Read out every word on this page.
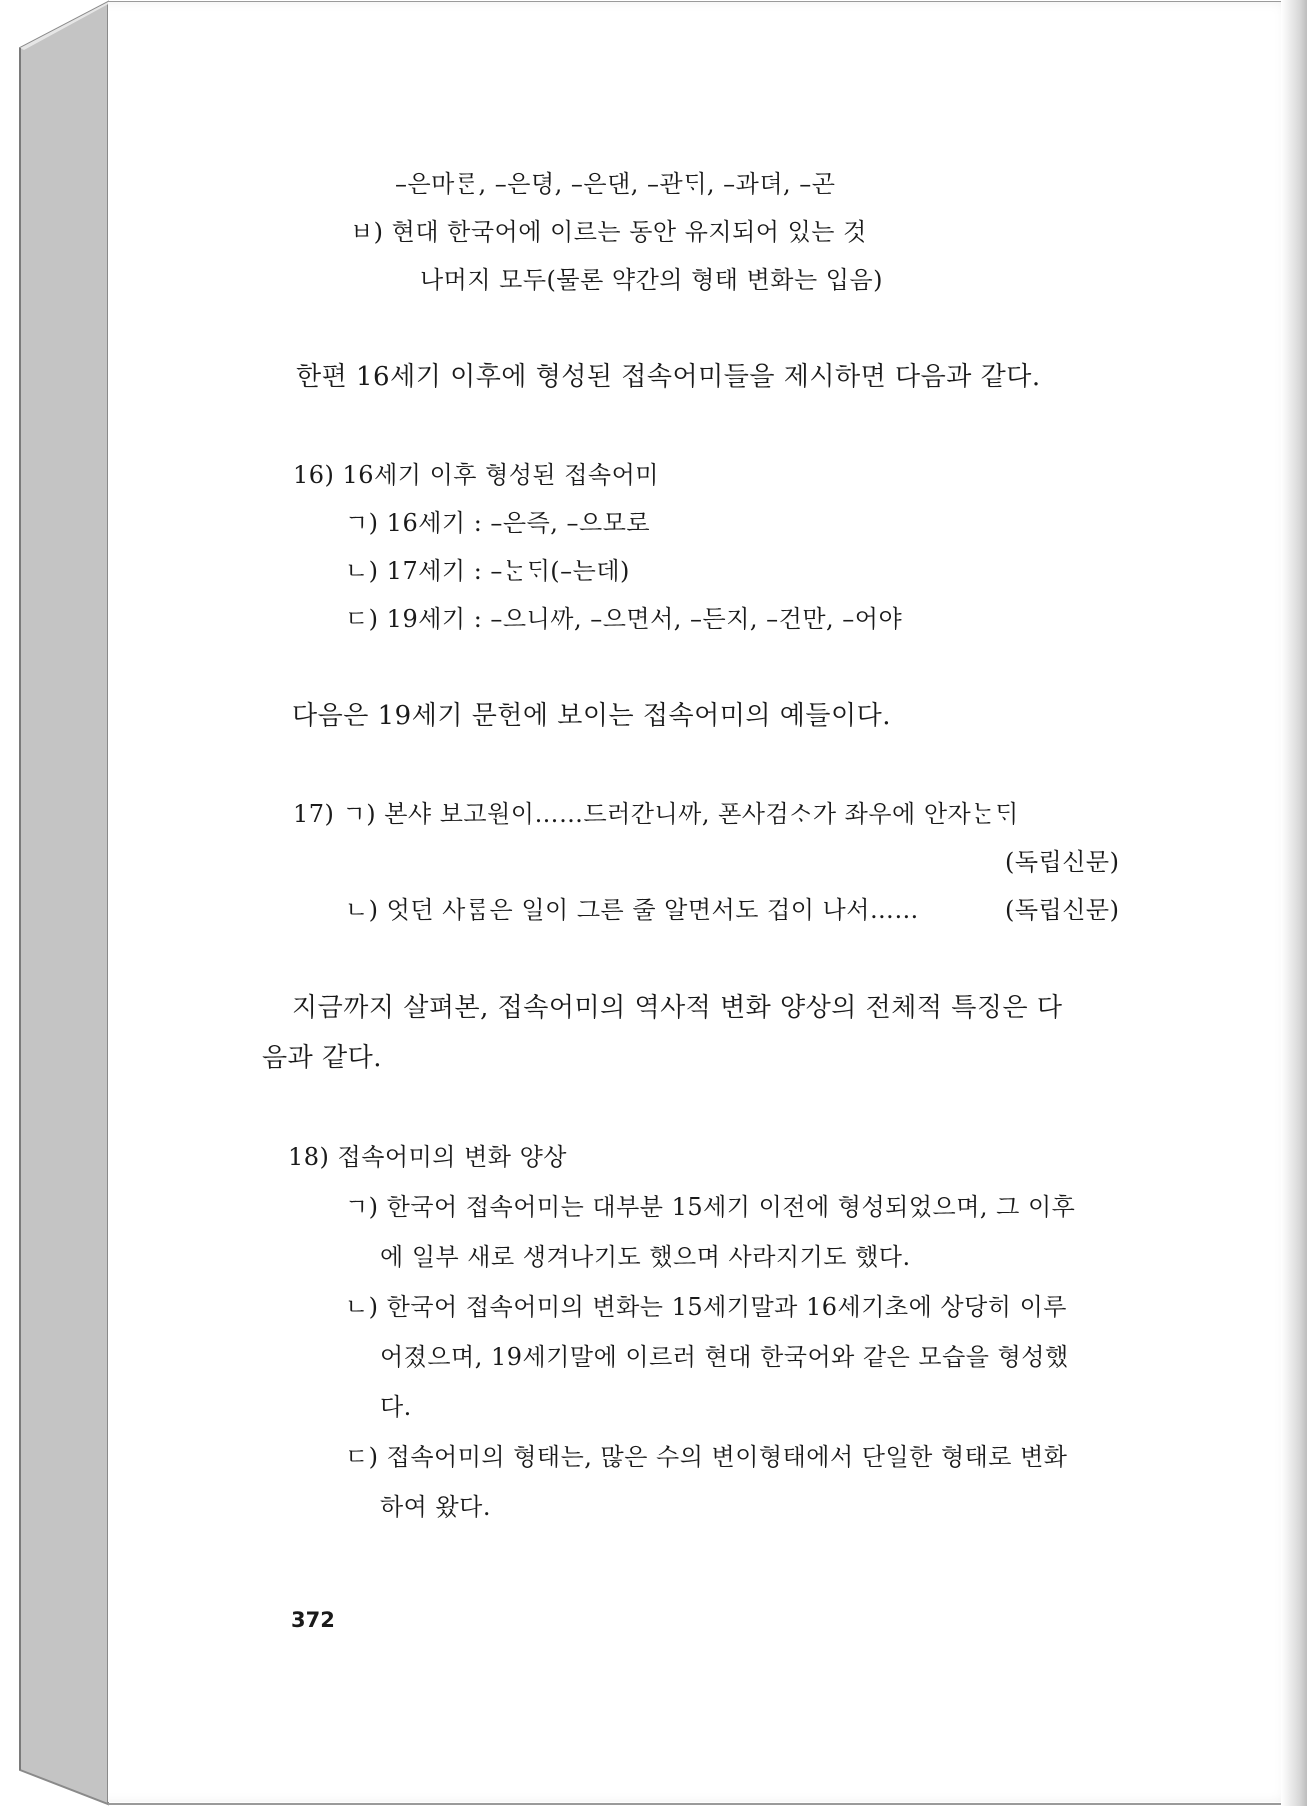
–은마ᄅᆞᆫ, –은뎡, –은댄, –관ᄃᆡ, –과뎌, –곤
ㅂ) 현대 한국어에 이르는 동안 유지되어 있는 것
나머지 모두(물론 약간의 형태 변화는 입음)
한편 16세기 이후에 형성된 접속어미들을 제시하면 다음과 같다.
16) 16세기 이후 형성된 접속어미
ㄱ) 16세기 : –은즉, –으모로
ㄴ) 17세기 : –ᄂᆞᆫᄃᆡ(–는데)
ㄷ) 19세기 : –으니ᄭᅡ, –으면서, –든지, –건만, –어야
다음은 19세기 문헌에 보이는 접속어미의 예들이다.
17) ㄱ) 본샤 보고원이……드러간니ᄭᅡ, 폰사검ᄉᆞ가 좌우에 안자ᄂᆞᆫᄃᆡ
(독립신문)
ㄴ) 엇던 사ᄅᆞᆷ은 일이 그른 줄 알면서도 겁이 나서……	(독립신문)
지금까지 살펴본, 접속어미의 역사적 변화 양상의 전체적 특징은 다
음과 같다.
18) 접속어미의 변화 양상
ㄱ) 한국어 접속어미는 대부분 15세기 이전에 형성되었으며, 그 이후
에 일부 새로 생겨나기도 했으며 사라지기도 했다.
ㄴ) 한국어 접속어미의 변화는 15세기말과 16세기초에 상당히 이루
어졌으며, 19세기말에 이르러 현대 한국어와 같은 모습을 형성했
다.
ㄷ) 접속어미의 형태는, 많은 수의 변이형태에서 단일한 형태로 변화
하여 왔다.
372
